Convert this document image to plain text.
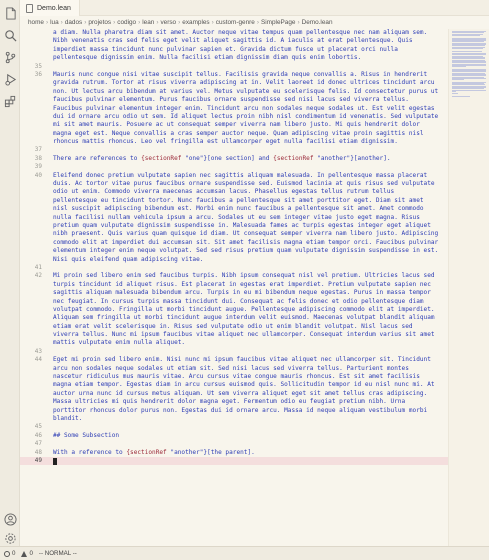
Demo.lean
home › lua › dados › projetos › codigo › lean › verso › examples › custom-genre › SimplePage › Demo.lean
a diam. Nulla pharetra diam sit amet. Auctor neque vitae tempus quam pellentesque nec nam aliquam sem.
Nibh venenatis cras sed felis eget velit aliquet sagittis id. A iaculis at erat pellentesque. Quis
imperdiet massa tincidunt nunc pulvinar sapien et. Gravida dictum fusce ut placerat orci nulla
pellentesque dignissim enim. Nulla facilisi etiam dignissim diam quis enim lobortis.
35
36 Mauris nunc congue nisi vitae suscipit tellus. Facilisis gravida neque convallis a. Risus in hendrerit
gravida rutrum. Tortor at risus viverra adipiscing at in. Velit laoreet id donec ultrices tincidunt arcu
non. Ut lectus arcu bibendum at varius vel. Metus vulputate eu scelerisque felis. Id consectetur purus ut
faucibus pulvinar elementum. Purus faucibus ornare suspendisse sed nisi lacus sed viverra tellus.
Faucibus pulvinar elementum integer enim. Tincidunt arcu non sodales neque sodales ut. Est velit egestas
dui id ornare arcu odio ut sem. Id aliquet lectus proin nibh nisl condimentum id venenatis. Sed vulputate
mi sit amet mauris. Posuere ac ut consequat semper viverra nam libero justo. Mi quis hendrerit dolor
magna eget est. Neque convallis a cras semper auctor neque. Quam adipiscing vitae proin sagittis nisl
rhoncus mattis rhoncus. Leo vel fringilla est ullamcorper eget nulla facilisi etiam dignissim.
37
38 There are references to {sectionRef "one"}[one section] and {sectionRef "another"}[another].
39
40 Eleifend donec pretium vulputate sapien nec sagittis aliquam malesuada. In pellentesque massa placerat
duis. Ac tortor vitae purus faucibus ornare suspendisse sed. Euismod lacinia at quis risus sed vulputate
odio ut enim. Commodo viverra maecenas accumsan lacus. Phasellus egestas tellus rutrum tellus
pellentesque eu tincidunt tortor. Nunc faucibus a pellentesque sit amet porttitor eget. Diam sit amet
nisl suscipit adipiscing bibendum est. Morbi enim nunc faucibus a pellentesque sit amet. Amet commodo
nulla facilisi nullam vehicula ipsum a arcu. Sodales ut eu sem integer vitae justo eget magna. Risus
pretium quam vulputate dignissim suspendisse in. Malesuada fames ac turpis egestas integer eget aliquet
nibh praesent. Quis varius quam quisque id diam. Ut consequat semper viverra nam libero justo. Adipiscing
commodo elit at imperdiet dui accumsan sit. Sit amet facilisis magna etiam tempor orci. Faucibus pulvinar
elementum integer enim neque volutpat. Sed sed risus pretium quam vulputate dignissim suspendisse in est.
Nisi quis eleifend quam adipiscing vitae.
41
42 Mi proin sed libero enim sed faucibus turpis. Nibh ipsum consequat nisl vel pretium. Ultricies lacus sed
turpis tincidunt id aliquet risus. Est placerat in egestas erat imperdiet. Pretium vulputate sapien nec
sagittis aliquam malesuada bibendum arcu. Turpis in eu mi bibendum neque egestas. Purus in massa tempor
nec feugiat. In cursus turpis massa tincidunt dui. Consequat ac felis donec et odio pellentesque diam
volutpat commodo. Fringilla ut morbi tincidunt augue. Pellentesque adipiscing commodo elit at imperdiet.
Aliquam sem fringilla ut morbi tincidunt augue interdum velit euismod. Maecenas volutpat blandit aliquam
etiam erat velit scelerisque in. Risus sed vulputate odio ut enim blandit volutpat. Nisl lacus sed
viverra tellus. Nunc mi ipsum faucibus vitae aliquet nec ullamcorper. Consequat interdum varius sit amet
mattis vulputate enim nulla aliquet.
43
44 Eget mi proin sed libero enim. Nisi nunc mi ipsum faucibus vitae aliquet nec ullamcorper sit. Tincidunt
arcu non sodales neque sodales ut etiam sit. Sed nisi lacus sed viverra tellus. Parturient montes
nascetur ridiculus mus mauris vitae. Arcu cursus vitae congue mauris rhoncus. Est sit amet facilisis
magna etiam tempor. Egestas diam in arcu cursus euismod quis. Sollicitudin tempor id eu nisl nunc mi. At
auctor urna nunc id cursus metus aliquam. Ut sem viverra aliquet eget sit amet tellus cras adipiscing.
Massa ultricies mi quis hendrerit dolor magna eget. Fermentum odio eu feugiat pretium nibh. Urna
porttitor rhoncus dolor purus non. Egestas dui id ornare arcu. Massa id neque aliquam vestibulum morbi
blandit.
45
46 ## Some Subsection
47
48 With a reference to {sectionRef "another"}[the parent].
49
0 0 -- NORMAL --
